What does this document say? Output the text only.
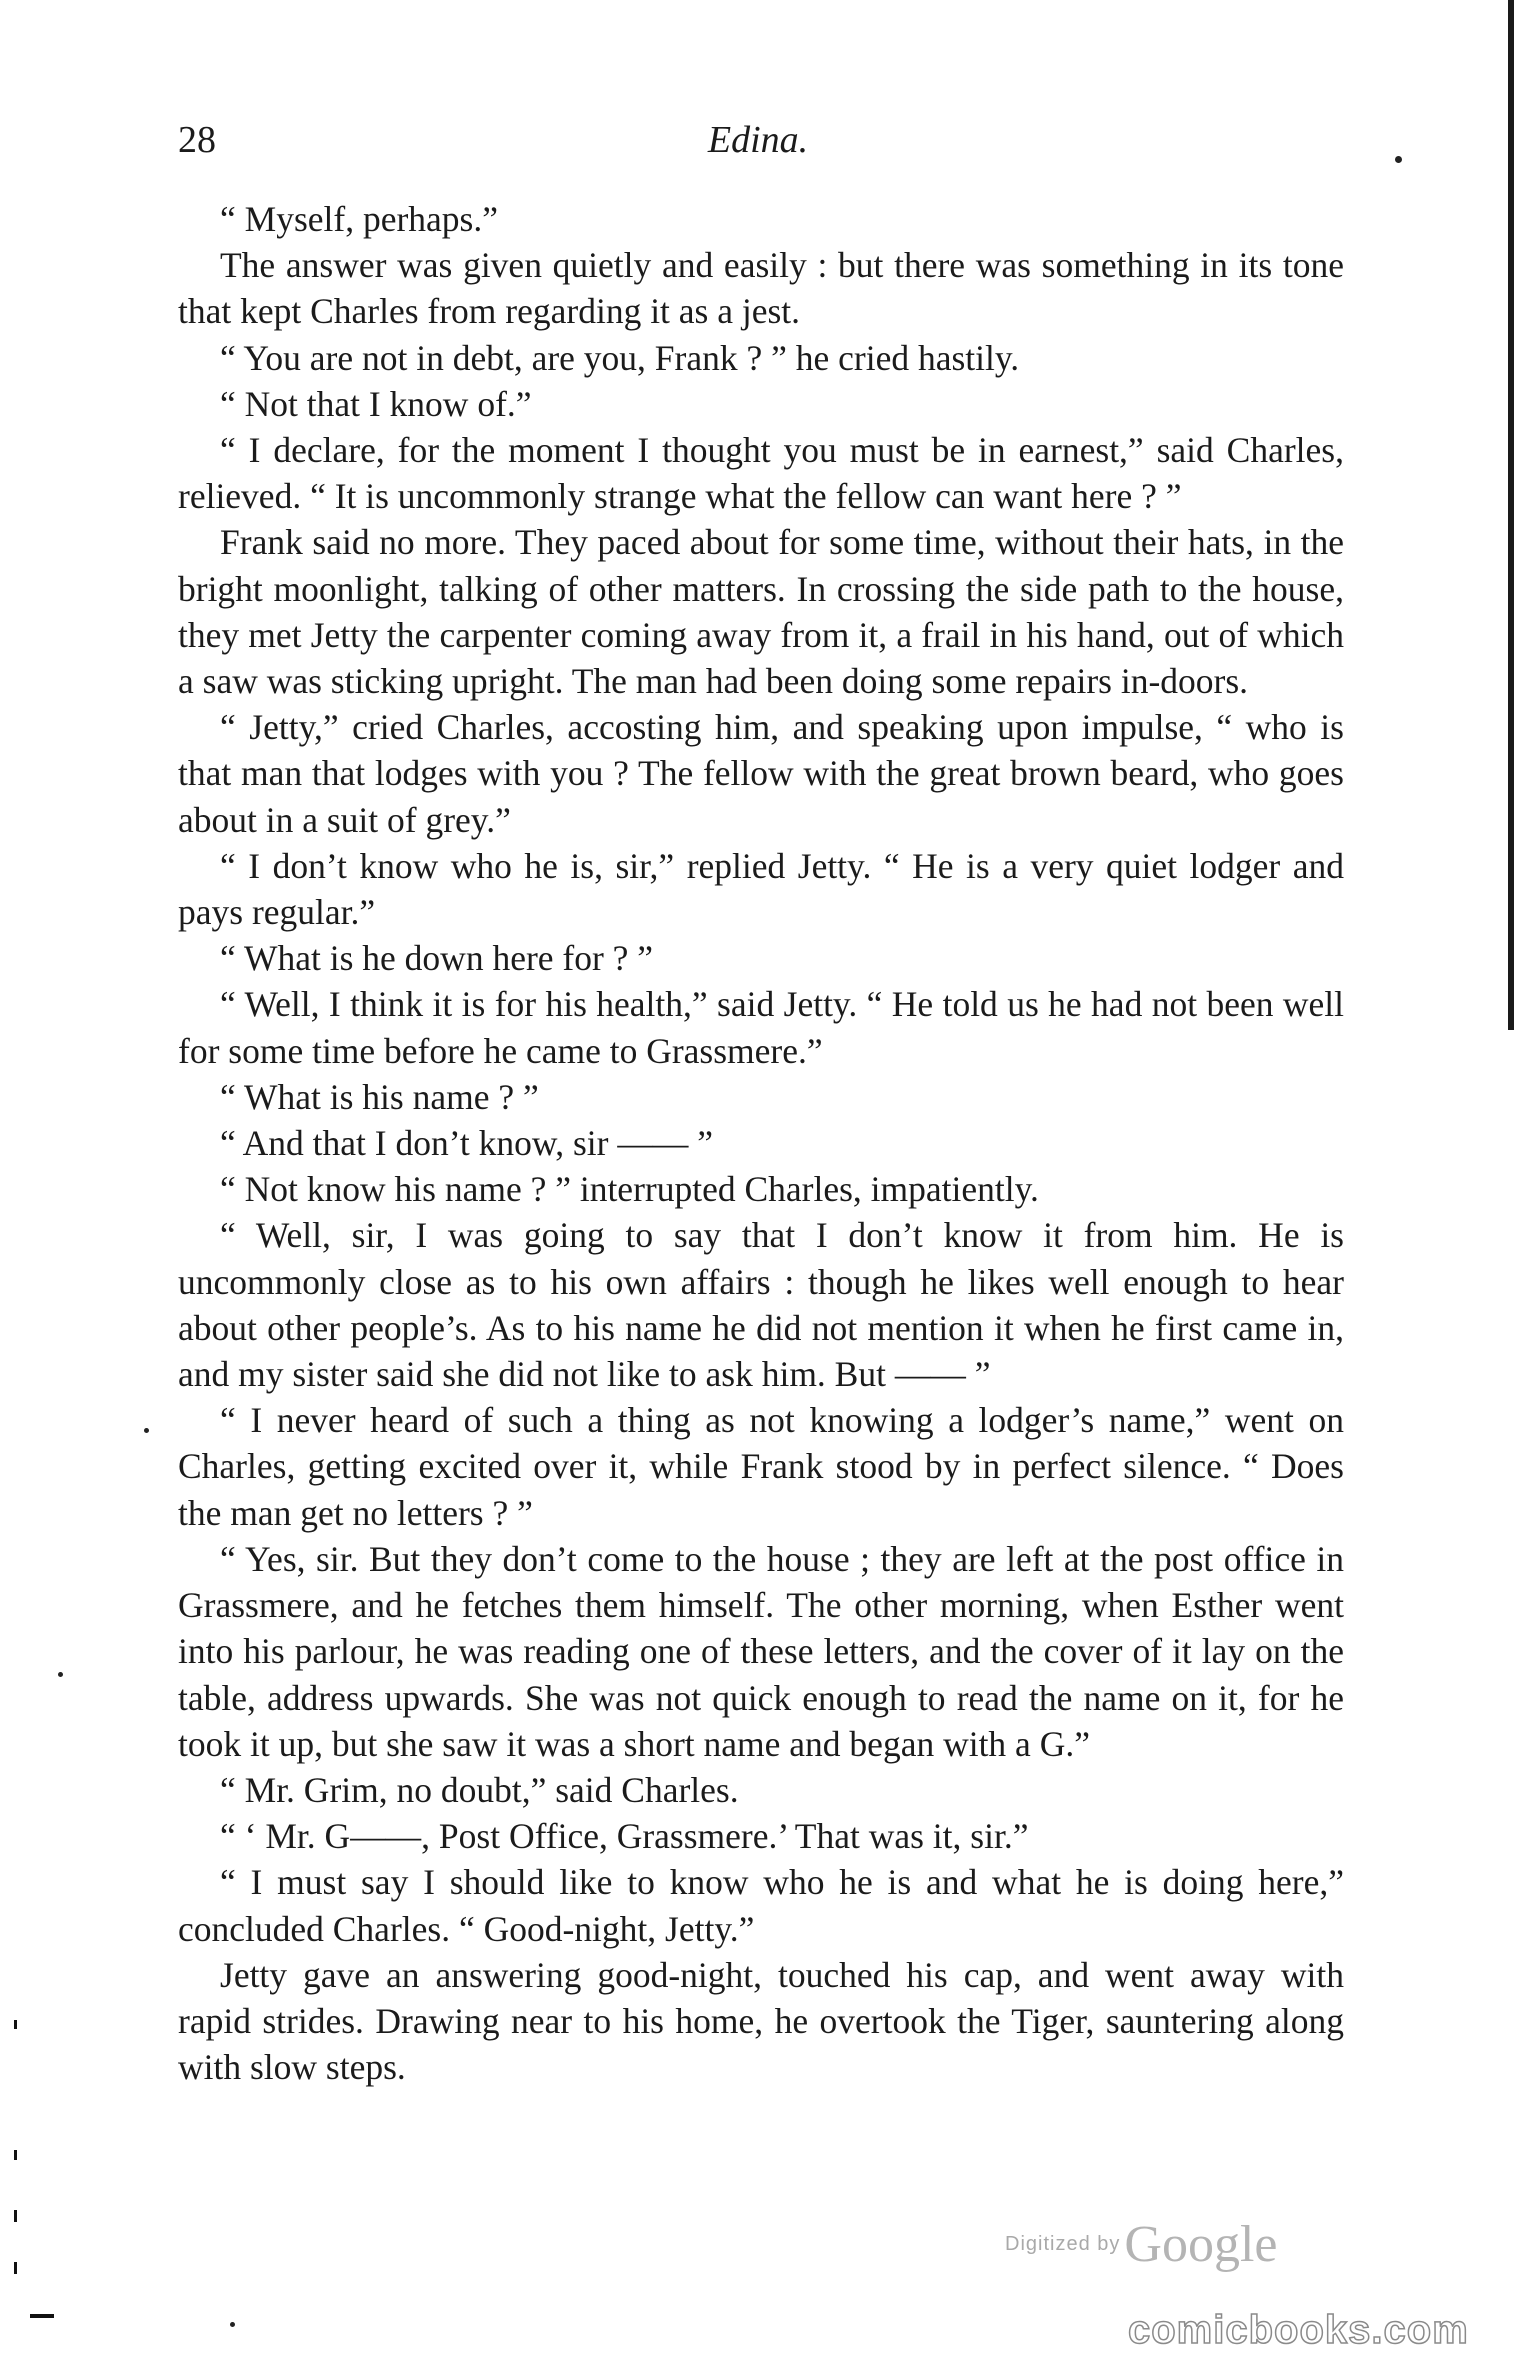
28	Edina.

“ Myself, perhaps.”

The answer was given quietly and easily : but there was something in its tone that kept Charles from regarding it as a jest.

“ You are not in debt, are you, Frank ? ” he cried hastily.

“ Not that I know of.”

“ I declare, for the moment I thought you must be in earnest,” said Charles, relieved. “ It is uncommonly strange what the fellow can want here ? ”

Frank said no more. They paced about for some time, without their hats, in the bright moonlight, talking of other matters. In crossing the side path to the house, they met Jetty the carpenter coming away from it, a frail in his hand, out of which a saw was sticking upright. The man had been doing some repairs in-doors.

“ Jetty,” cried Charles, accosting him, and speaking upon impulse, “ who is that man that lodges with you ? The fellow with the great brown beard, who goes about in a suit of grey.”

“ I don’t know who he is, sir,” replied Jetty. “ He is a very quiet lodger and pays regular.”

“ What is he down here for ? ”

“ Well, I think it is for his health,” said Jetty. “ He told us he had not been well for some time before he came to Grassmere.”

“ What is his name ? ”

“ And that I don’t know, sir —— ”

“ Not know his name ? ” interrupted Charles, impatiently.

“ Well, sir, I was going to say that I don’t know it from him. He is uncommonly close as to his own affairs : though he likes well enough to hear about other people’s. As to his name he did not mention it when he first came in, and my sister said she did not like to ask him. But —— ”

“ I never heard of such a thing as not knowing a lodger’s name,” went on Charles, getting excited over it, while Frank stood by in perfect silence. “ Does the man get no letters ? ”

“ Yes, sir. But they don’t come to the house ; they are left at the post office in Grassmere, and he fetches them himself. The other morning, when Esther went into his parlour, he was reading one of these letters, and the cover of it lay on the table, address upwards. She was not quick enough to read the name on it, for he took it up, but she saw it was a short name and began with a G.”

“ Mr. Grim, no doubt,” said Charles.

“ ‘ Mr. G——, Post Office, Grassmere.’ That was it, sir.”

“ I must say I should like to know who he is and what he is doing here,” concluded Charles. “ Good-night, Jetty.”

Jetty gave an answering good-night, touched his cap, and went away with rapid strides. Drawing near to his home, he overtook the Tiger, sauntering along with slow steps.

Digitized by Google
comicbooks.com
